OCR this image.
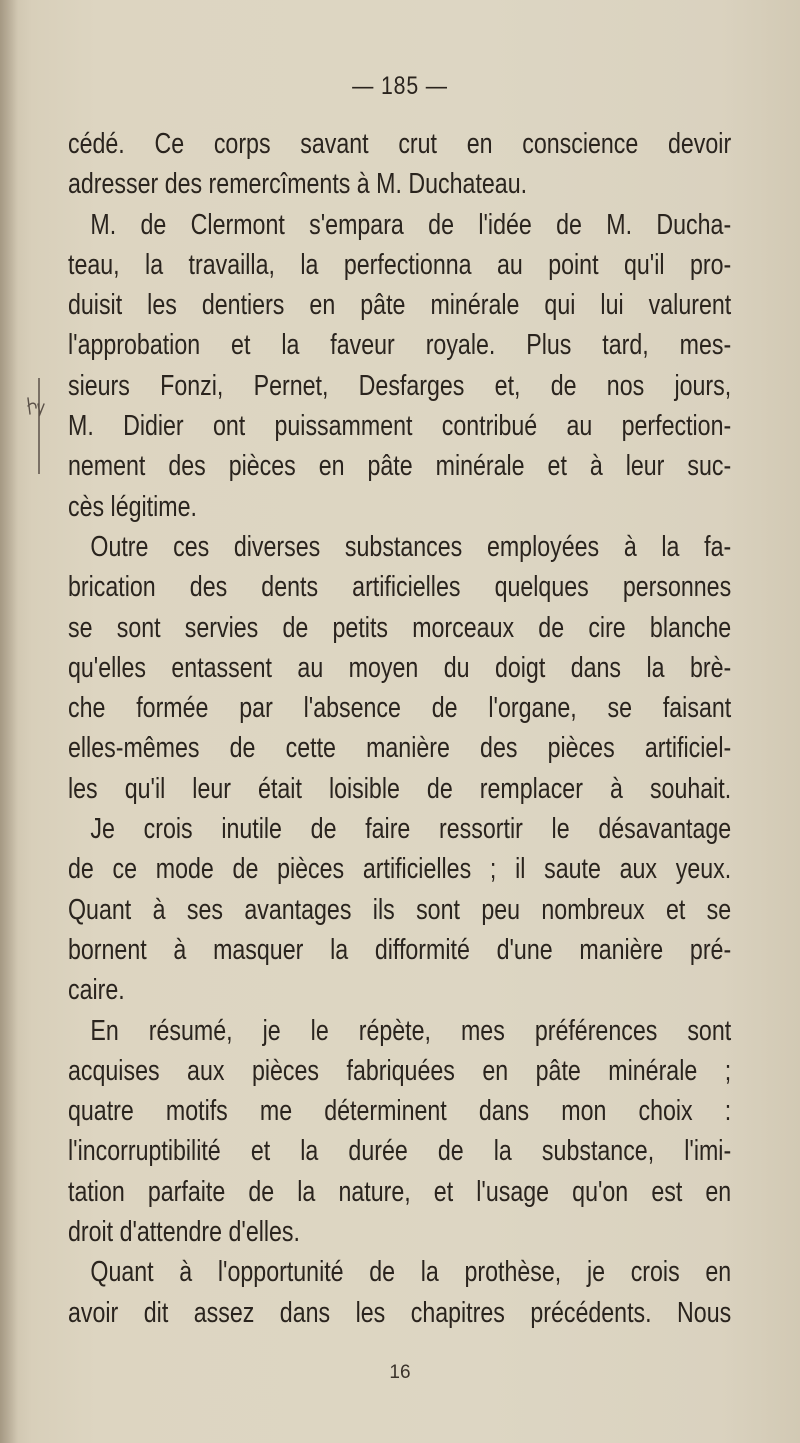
— 185 —
cédé. Ce corps savant crut en conscience devoir
adresser des remercîments à M. Duchateau.
M. de Clermont s'empara de l'idée de M. Ducha-
teau, la travailla, la perfectionna au point qu'il pro-
duisit les dentiers en pâte minérale qui lui valurent
l'approbation et la faveur royale. Plus tard, mes-
sieurs Fonzi, Pernet, Desfarges et, de nos jours,
M. Didier ont puissamment contribué au perfection-
nement des pièces en pâte minérale et à leur suc-
cès légitime.
Outre ces diverses substances employées à la fa-
brication des dents artificielles quelques personnes
se sont servies de petits morceaux de cire blanche
qu'elles entassent au moyen du doigt dans la brè-
che formée par l'absence de l'organe, se faisant
elles-mêmes de cette manière des pièces artificiel-
les qu'il leur était loisible de remplacer à souhait.
Je crois inutile de faire ressortir le désavantage
de ce mode de pièces artificielles ; il saute aux yeux.
Quant à ses avantages ils sont peu nombreux et se
bornent à masquer la difformité d'une manière pré-
caire.
En résumé, je le répète, mes préférences sont
acquises aux pièces fabriquées en pâte minérale ;
quatre motifs me déterminent dans mon choix :
l'incorruptibilité et la durée de la substance, l'imi-
tation parfaite de la nature, et l'usage qu'on est en
droit d'attendre d'elles.
Quant à l'opportunité de la prothèse, je crois en
avoir dit assez dans les chapitres précédents. Nous
16
